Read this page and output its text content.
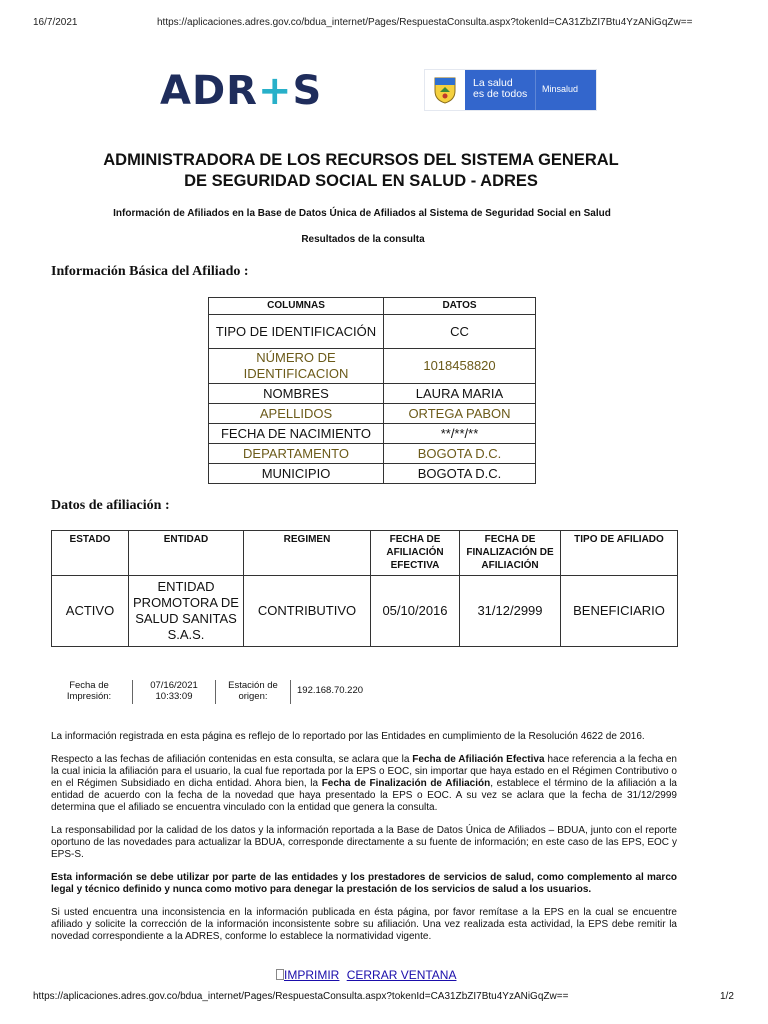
16/7/2021	https://aplicaciones.adres.gov.co/bdua_internet/Pages/RespuestaConsulta.aspx?tokenId=CA31ZbZI7Btu4YzANiGqZw==
ADR+S	La salud
es de todos	Minsalud
ADMINISTRADORA DE LOS RECURSOS DEL SISTEMA GENERAL
DE SEGURIDAD SOCIAL EN SALUD - ADRES
Información de Afiliados en la Base de Datos Única de Afiliados al Sistema de Seguridad Social en Salud
Resultados de la consulta
Información Básica del Afiliado :
COLUMNAS	DATOS
TIPO DE IDENTIFICACIÓN	CC
NÚMERO DE IDENTIFICACION	1018458820
NOMBRES	LAURA MARIA
APELLIDOS	ORTEGA PABON
FECHA DE NACIMIENTO	**/**/**
DEPARTAMENTO	BOGOTA D.C.
MUNICIPIO	BOGOTA D.C.
Datos de afiliación :
ESTADO	ENTIDAD	REGIMEN	FECHA DE AFILIACIÓN EFECTIVA	FECHA DE FINALIZACIÓN DE AFILIACIÓN	TIPO DE AFILIADO
ACTIVO	ENTIDAD PROMOTORA DE SALUD SANITAS S.A.S.	CONTRIBUTIVO	05/10/2016	31/12/2999	BENEFICIARIO
Fecha de Impresión:
07/16/2021 10:33:09
Estación de origen:
192.168.70.220

La información registrada en esta página es reflejo de lo reportado por las Entidades en cumplimiento de la Resolución 4622 de 2016.

Respecto a las fechas de afiliación contenidas en esta consulta, se aclara que la Fecha de Afiliación Efectiva hace referencia a la fecha en la cual inicia la afiliación para el usuario, la cual fue reportada por la EPS o EOC, sin importar que haya estado en el Régimen Contributivo o en el Régimen Subsidiado en dicha entidad. Ahora bien, la Fecha de Finalización de Afiliación, establece el término de la afiliación a la entidad de acuerdo con la fecha de la novedad que haya presentado la EPS o EOC. A su vez se aclara que la fecha de 31/12/2999 determina que el afiliado se encuentra vinculado con la entidad que genera la consulta.

La responsabilidad por la calidad de los datos y la información reportada a la Base de Datos Única de Afiliados – BDUA, junto con el reporte oportuno de las novedades para actualizar la BDUA, corresponde directamente a su fuente de información; en este caso de las EPS, EOC y EPS-S.

Esta información se debe utilizar por parte de las entidades y los prestadores de servicios de salud, como complemento al marco legal y técnico definido y nunca como motivo para denegar la prestación de los servicios de salud a los usuarios.

Si usted encuentra una inconsistencia en la información publicada en ésta página, por favor remítase a la EPS en la cual se encuentre afiliado y solicite la corrección de la información inconsistente sobre su afiliación. Una vez realizada esta actividad, la EPS debe remitir la novedad correspondiente a la ADRES, conforme lo establece la normatividad vigente.

IMPRIMIR CERRAR VENTANA
https://aplicaciones.adres.gov.co/bdua_internet/Pages/RespuestaConsulta.aspx?tokenId=CA31ZbZI7Btu4YzANiGqZw==	1/2
